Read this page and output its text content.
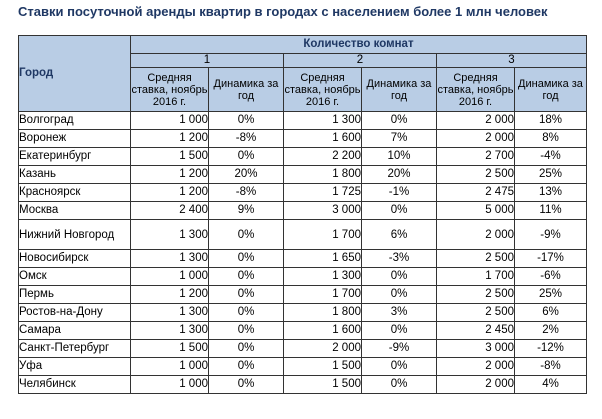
Ставки посуточной аренды квартир в городах с населением более 1 млн человек
Город	Количество комнат					
	1		2		3	
	Средняя ставка, ноябрь 2016 г.	Динамика за год	Средняя ставка, ноябрь 2016 г.	Динамика за год	Средняя ставка, ноябрь 2016 г.	Динамика за год
Волгоград	1 000	0%	1 300	0%	2 000	18%
Воронеж	1 200	-8%	1 600	7%	2 000	8%
Екатеринбург	1 500	0%	2 200	10%	2 700	-4%
Казань	1 200	20%	1 800	20%	2 500	25%
Красноярск	1 200	-8%	1 725	-1%	2 475	13%
Москва	2 400	9%	3 000	0%	5 000	11%
Нижний Новгород	1 300	0%	1 700	6%	2 000	-9%
Новосибирск	1 300	0%	1 650	-3%	2 500	-17%
Омск	1 000	0%	1 300	0%	1 700	-6%
Пермь	1 200	0%	1 700	0%	2 500	25%
Ростов-на-Дону	1 300	0%	1 800	3%	2 500	6%
Самара	1 300	0%	1 600	0%	2 450	2%
Санкт-Петербург	1 500	0%	2 000	-9%	3 000	-12%
Уфа	1 000	0%	1 500	0%	2 000	-8%
Челябинск	1 000	0%	1 500	0%	2 000	4%
